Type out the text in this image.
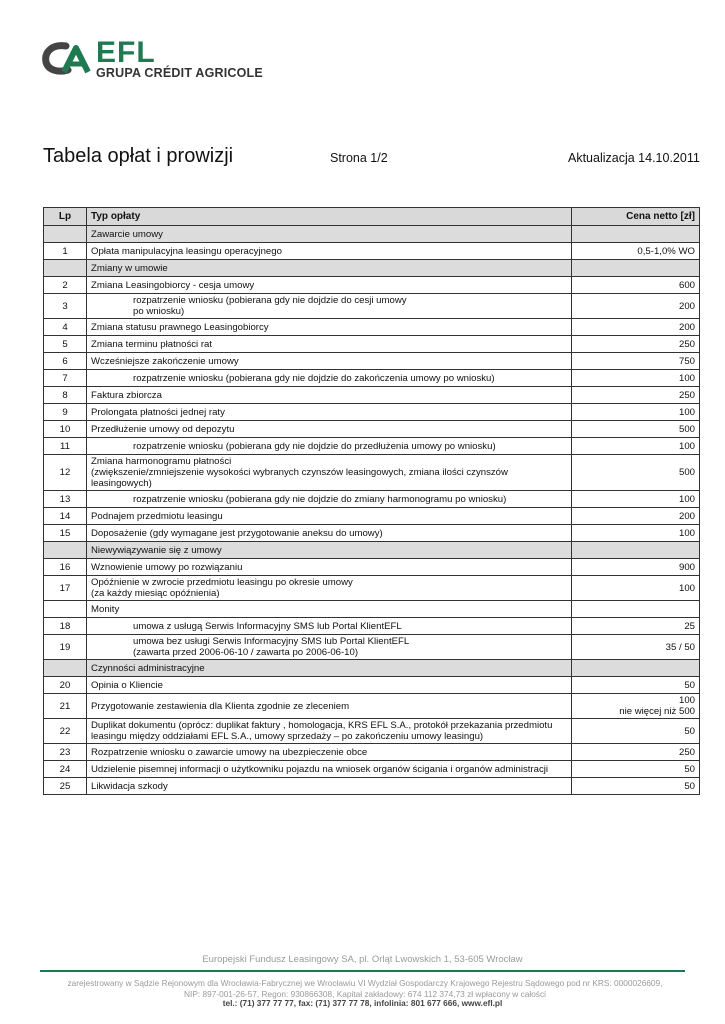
EFL
GRUPA CRÉDIT AGRICOLE
Tabela opłat i prowizji	Strona 1/2	Aktualizacja 14.10.2011
Lp	Typ opłaty	Cena netto [zł]
	Zawarcie umowy	
1	Opłata manipulacyjna leasingu operacyjnego	0,5-1,0% WO
	Zmiany w umowie	
2	Zmiana Leasingobiorcy - cesja umowy	600
3	rozpatrzenie wniosku (pobierana gdy nie dojdzie do cesji umowy
po wniosku)	200
4	Zmiana statusu prawnego Leasingobiorcy	200
5	Zmiana terminu płatności rat	250
6	Wcześniejsze zakończenie umowy	750
7	rozpatrzenie wniosku (pobierana gdy nie dojdzie do zakończenia umowy po wniosku)	100
8	Faktura zbiorcza	250
9	Prolongata płatności jednej raty	100
10	Przedłużenie umowy od depozytu	500
11	rozpatrzenie wniosku (pobierana gdy nie dojdzie do przedłużenia umowy po wniosku)	100
12	Zmiana harmonogramu płatności
(zwiększenie/zmniejszenie wysokości wybranych czynszów leasingowych, zmiana ilości czynszów
leasingowych)	500
13	rozpatrzenie wniosku (pobierana gdy nie dojdzie do zmiany harmonogramu po wniosku)	100
14	Podnajem przedmiotu leasingu	200
15	Doposażenie (gdy wymagane jest przygotowanie aneksu do umowy)	100
	Niewywiązywanie się z umowy	
16	Wznowienie umowy po rozwiązaniu	900
17	Opóźnienie w zwrocie przedmiotu leasingu po okresie umowy
(za każdy miesiąc opóźnienia)	100
	Monity	
18	umowa z usługą Serwis Informacyjny SMS lub Portal KlientEFL	25
19	umowa bez usługi Serwis Informacyjny SMS lub Portal KlientEFL
(zawarta przed 2006-06-10 / zawarta po 2006-06-10)	35 / 50
	Czynności administracyjne	
20	Opinia o Kliencie	50
21	Przygotowanie zestawienia dla Klienta zgodnie ze zleceniem	100
nie więcej niż 500
22	Duplikat dokumentu (oprócz: duplikat faktury , homologacja, KRS EFL S.A., protokół przekazania przedmiotu
leasingu między oddziałami EFL S.A., umowy sprzedaży – po zakończeniu umowy leasingu)	50
23	Rozpatrzenie wniosku o zawarcie umowy na ubezpieczenie obce	250
24	Udzielenie pisemnej informacji o użytkowniku pojazdu na wniosek organów ścigania i organów administracji	50
25	Likwidacja szkody	50
Europejski Fundusz Leasingowy SA, pl. Orląt Lwowskich 1, 53-605 Wrocław
zarejestrowany w Sądzie Rejonowym dla Wrocławia-Fabrycznej we Wrocławiu VI Wydział Gospodarczy Krajowego Rejestru Sądowego pod nr KRS: 0000026609,
NIP: 897-001-26-57, Regon: 930866308, Kapitał zakładowy: 674 112 374,73 zł wpłacony w całości
tel.: (71) 377 77 77, fax: (71) 377 77 78, infolinia: 801 677 666, www.efl.pl
